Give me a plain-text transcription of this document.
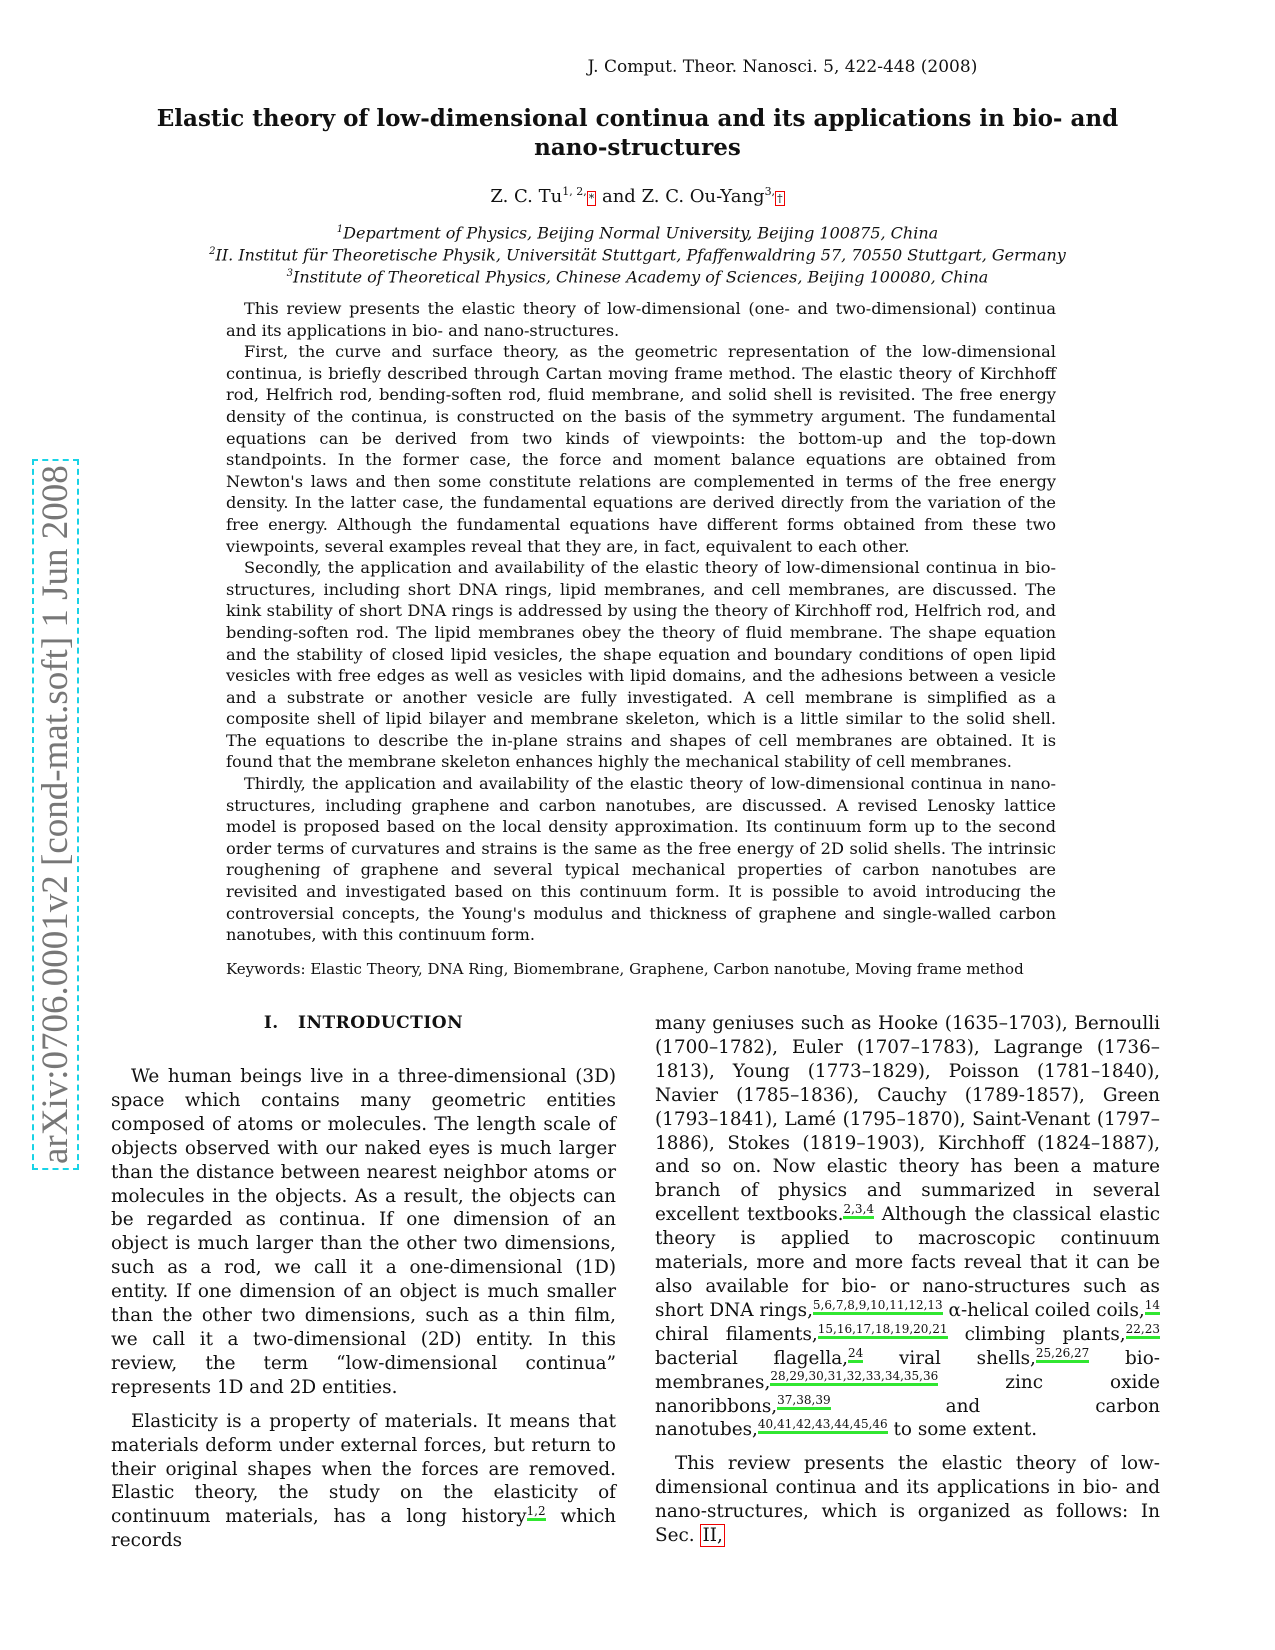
J. Comput. Theor. Nanosci. 5, 422-448 (2008)
Elastic theory of low-dimensional continua and its applications in bio- and nano-structures
Z. C. $Tu^{1, 2,}*$ and Z. C. Ou-Yang$^{3,}$†
$^1$Department of Physics, Beijing Normal University, Beijing 100875, China
$^2$II. Institut für Theoretische Physik, Universität Stuttgart, Pfaffenwaldring 57, 70550 Stuttgart, Germany
$^3$Institute of Theoretical Physics, Chinese Academy of Sciences, Beijing 100080, China

This review presents the elastic theory of low-dimensional (one- and two-dimensional) continua and its applications in bio- and nano-structures.

First, the curve and surface theory, as the geometric representation of the low-dimensional continua, is briefly described through Cartan moving frame method. The elastic theory of Kirchhoff rod, Helfrich rod, bending-soften rod, fluid membrane, and solid shell is revisited. The free energy density of the continua, is constructed on the basis of the symmetry argument. The fundamental equations can be derived from two kinds of viewpoints: the bottom-up and the top-down standpoints. In the former case, the force and moment balance equations are obtained from Newton's laws and then some constitute relations are complemented in terms of the free energy density. In the latter case, the fundamental equations are derived directly from the variation of the free energy. Although the fundamental equations have different forms obtained from these two viewpoints, several examples reveal that they are, in fact, equivalent to each other.

Secondly, the application and availability of the elastic theory of low-dimensional continua in bio-structures, including short DNA rings, lipid membranes, and cell membranes, are discussed. The kink stability of short DNA rings is addressed by using the theory of Kirchhoff rod, Helfrich rod, and bending-soften rod. The lipid membranes obey the theory of fluid membrane. The shape equation and the stability of closed lipid vesicles, the shape equation and boundary conditions of open lipid vesicles with free edges as well as vesicles with lipid domains, and the adhesions between a vesicle and a substrate or another vesicle are fully investigated. A cell membrane is simplified as a composite shell of lipid bilayer and membrane skeleton, which is a little similar to the solid shell. The equations to describe the in-plane strains and shapes of cell membranes are obtained. It is found that the membrane skeleton enhances highly the mechanical stability of cell membranes.

Thirdly, the application and availability of the elastic theory of low-dimensional continua in nano-structures, including graphene and carbon nanotubes, are discussed. A revised Lenosky lattice model is proposed based on the local density approximation. Its continuum form up to the second order terms of curvatures and strains is the same as the free energy of 2D solid shells. The intrinsic roughening of graphene and several typical mechanical properties of carbon nanotubes are revisited and investigated based on this continuum form. It is possible to avoid introducing the controversial concepts, the Young's modulus and thickness of graphene and single-walled carbon nanotubes, with this continuum form.

Keywords: Elastic Theory, DNA Ring, Biomembrane, Graphene, Carbon nanotube, Moving frame method
arXiv:0706.0001v2 [cond-mat.soft] 1 Jun 2008	I. INTRODUCTION

We human beings live in a three-dimensional (3D) space which contains many geometric entities composed of atoms or molecules. The length scale of objects observed with our naked eyes is much larger than the distance between nearest neighbor atoms or molecules in the objects. As a result, the objects can be regarded as continua. If one dimension of an object is much larger than the other two dimensions, such as a rod, we call it a one-dimensional (1D) entity. If one dimension of an object is much smaller than the other two dimensions, such as a thin film, we call it a two-dimensional (2D) entity. In this review, the term “low-dimensional continua” represents 1D and 2D entities.

Elasticity is a property of materials. It means that materials deform under external forces, but return to their original shapes when the forces are removed. Elastic theory, the study on the elasticity of continuum materials, has a long history$^{1,2}$ which records

many geniuses such as Hooke (1635–1703), Bernoulli (1700–1782), Euler (1707–1783), Lagrange (1736–1813), Young (1773–1829), Poisson (1781–1840), Navier (1785–1836), Cauchy (1789-1857), Green (1793–1841), Lamé (1795–1870), Saint-Venant (1797–1886), Stokes (1819–1903), Kirchhoff (1824–1887), and so on. Now elastic theory has been a mature branch of physics and summarized in several excellent textbooks.$^{2,3,4}$ Although the classical elastic theory is applied to macroscopic continuum materials, more and more facts reveal that it can be also available for bio- or nano-structures such as short DNA rings,$^{5,6,7,8,9,10,11,12,13}$ α-helical coiled coils,$^{14}$ chiral filaments,$^{15,16,17,18,19,20,21}$ climbing plants,$^{22,23}$ bacterial flagella,$^{24}$ viral shells,$^{25,26,27}$ bio-membranes,$^{28,29,30,31,32,33,34,35,36}$ zinc oxide nanoribbons,$^{37,38,39}$ and carbon nanotubes,$^{40,41,42,43,44,45,46}$ to some extent.

This review presents the elastic theory of low-dimensional continua and its applications in bio- and nano-structures, which is organized as follows: In Sec. II,
